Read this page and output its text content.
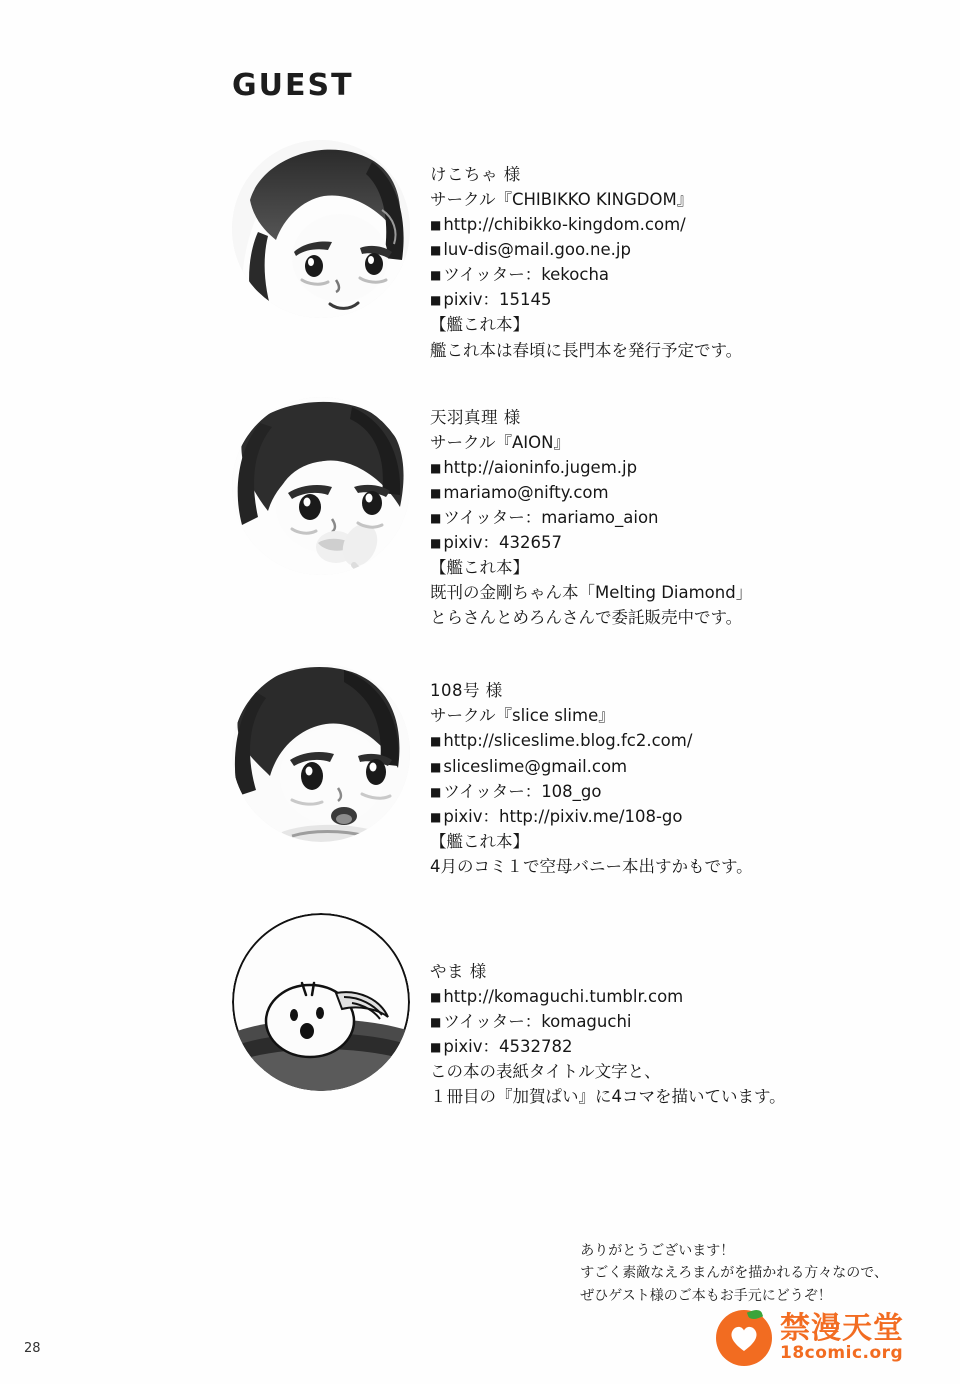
GUEST
けこちゃ 様
サークル『CHIBIKKO KINGDOM』
■ http://chibikko-kingdom.com/
■ luv-dis@mail.goo.ne.jp
■ ツイッター：kekocha
■ pixiv：15145
【艦これ本】
艦これ本は春頃に長門本を発行予定です。
天羽真理 様
サークル『AION』
■ http://aioninfo.jugem.jp
■ mariamo@nifty.com
■ ツイッター：mariamo_aion
■ pixiv：432657
【艦これ本】
既刊の金剛ちゃん本「Melting Diamond」
とらさんとめろんさんで委託販売中です。
108号 様
サークル『slice slime』
■ http://sliceslime.blog.fc2.com/
■ sliceslime@gmail.com
■ ツイッター：108_go
■ pixiv：http://pixiv.me/108-go
【艦これ本】
4月のコミ１で空母バニー本出すかもです。
やま 様
■ http://komaguchi.tumblr.com
■ ツイッター：komaguchi
■ pixiv：4532782
この本の表紙タイトル文字と、
１冊目の『加賀ぱい』に4コマを描いています。
ありがとうございます！
すごく素敵なえろまんがを描かれる方々なので、
ぜひゲスト様のご本もお手元にどうぞ！
28
禁漫天堂
18comic.org
